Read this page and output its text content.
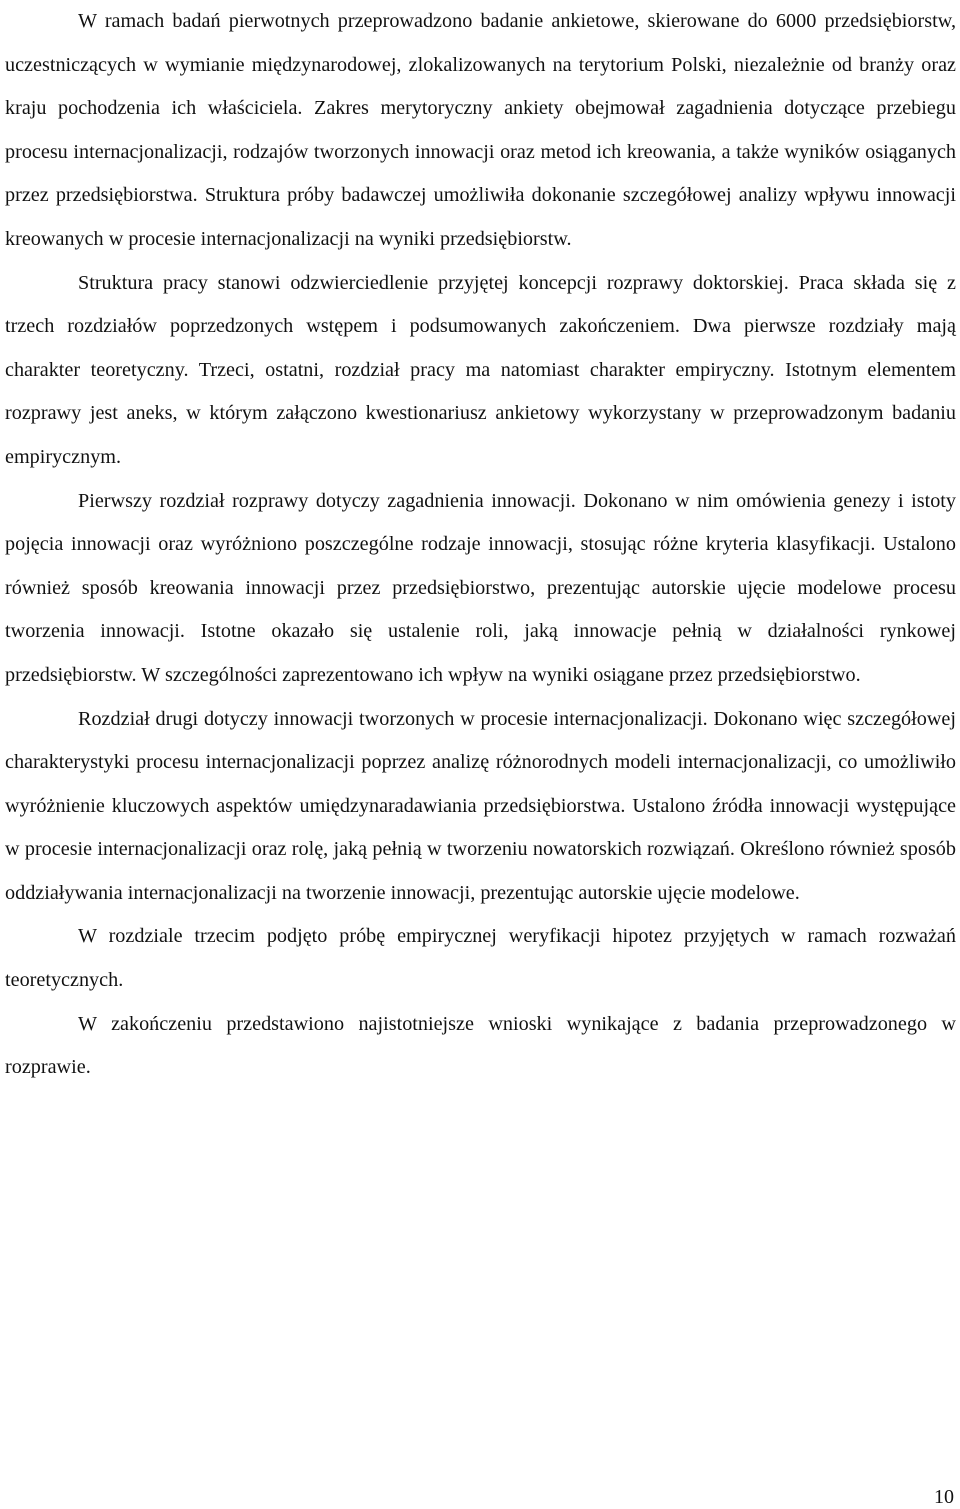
W ramach badań pierwotnych przeprowadzono badanie ankietowe, skierowane do 6000 przedsiębiorstw, uczestniczących w wymianie międzynarodowej, zlokalizowanych na terytorium Polski, niezależnie od branży oraz kraju pochodzenia ich właściciela. Zakres merytoryczny ankiety obejmował zagadnienia dotyczące przebiegu procesu internacjonalizacji, rodzajów tworzonych innowacji oraz metod ich kreowania, a także wyników osiąganych przez przedsiębiorstwa. Struktura próby badawczej umożliwiła dokonanie szczegółowej analizy wpływu innowacji kreowanych w procesie internacjonalizacji na wyniki przedsiębiorstw.

Struktura pracy stanowi odzwierciedlenie przyjętej koncepcji rozprawy doktorskiej. Praca składa się z trzech rozdziałów poprzedzonych wstępem i podsumowanych zakończeniem. Dwa pierwsze rozdziały mają charakter teoretyczny. Trzeci, ostatni, rozdział pracy ma natomiast charakter empiryczny. Istotnym elementem rozprawy jest aneks, w którym załączono kwestionariusz ankietowy wykorzystany w przeprowadzonym badaniu empirycznym.

Pierwszy rozdział rozprawy dotyczy zagadnienia innowacji. Dokonano w nim omówienia genezy i istoty pojęcia innowacji oraz wyróżniono poszczególne rodzaje innowacji, stosując różne kryteria klasyfikacji. Ustalono również sposób kreowania innowacji przez przedsiębiorstwo, prezentując autorskie ujęcie modelowe procesu tworzenia innowacji. Istotne okazało się ustalenie roli, jaką innowacje pełnią w działalności rynkowej przedsiębiorstw. W szczególności zaprezentowano ich wpływ na wyniki osiągane przez przedsiębiorstwo.

Rozdział drugi dotyczy innowacji tworzonych w procesie internacjonalizacji. Dokonano więc szczegółowej charakterystyki procesu internacjonalizacji poprzez analizę różnorodnych modeli internacjonalizacji, co umożliwiło wyróżnienie kluczowych aspektów umiędzynaradawiania przedsiębiorstwa. Ustalono źródła innowacji występujące w procesie internacjonalizacji oraz rolę, jaką pełnią w tworzeniu nowatorskich rozwiązań. Określono również sposób oddziaływania internacjonalizacji na tworzenie innowacji, prezentując autorskie ujęcie modelowe.

W rozdziale trzecim podjęto próbę empirycznej weryfikacji hipotez przyjętych w ramach rozważań teoretycznych.

W zakończeniu przedstawiono najistotniejsze wnioski wynikające z badania przeprowadzonego w rozprawie.

10
